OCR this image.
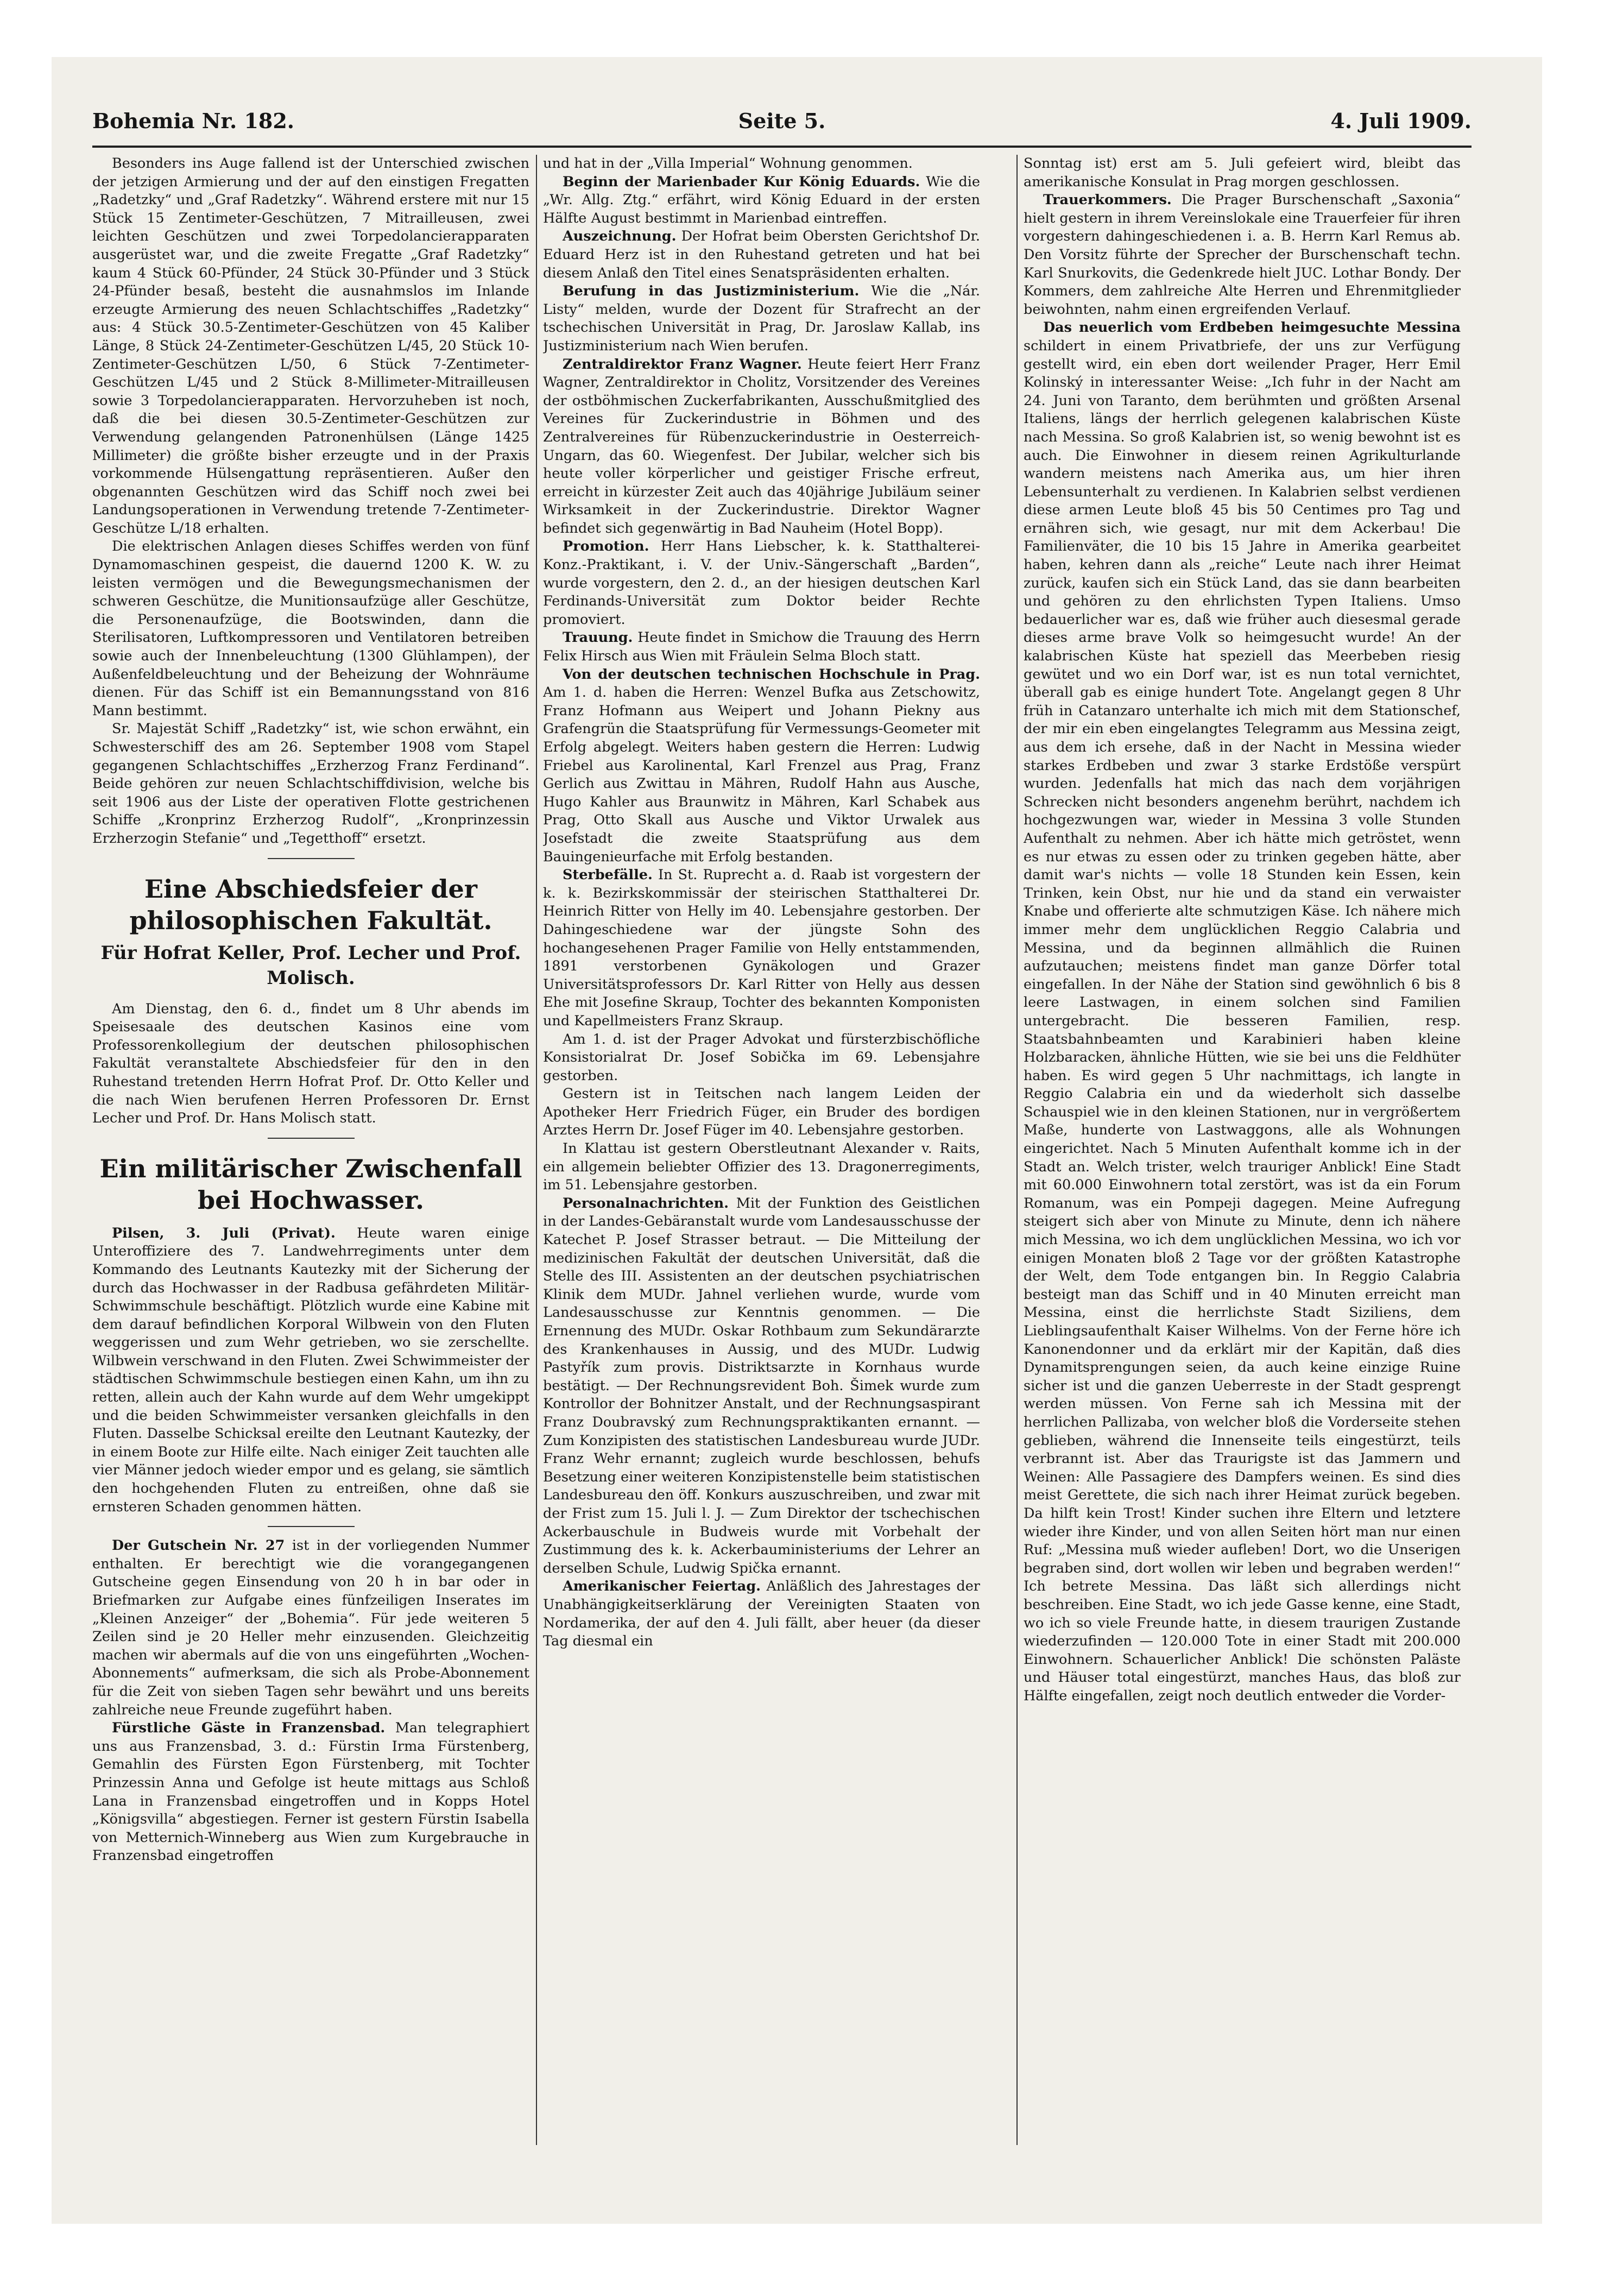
Bohemia Nr. 182.	Seite 5.	4. Juli 1909.

Besonders ins Auge fallend ist der Unterschied zwischen der jetzigen Armierung und der auf den einstigen Fregatten „Radetzky“ und „Graf Radetzky“. Während erstere mit nur 15 Stück 15 Zentimeter-Geschützen, 7 Mitrailleusen, zwei leichten Geschützen und zwei Torpedolancierapparaten ausgerüstet war, und die zweite Fregatte „Graf Radetzky“ kaum 4 Stück 60-Pfünder, 24 Stück 30-Pfünder und 3 Stück 24-Pfünder besaß, besteht die ausnahmslos im Inlande erzeugte Armierung des neuen Schlachtschiffes „Radetzky“ aus: 4 Stück 30.5-Zentimeter-Geschützen von 45 Kaliber Länge, 8 Stück 24-Zentimeter-Geschützen L/45, 20 Stück 10-Zentimeter-Geschützen L/50, 6 Stück 7-Zentimeter-Geschützen L/45 und 2 Stück 8-Millimeter-Mitrailleusen sowie 3 Torpedolancierapparaten. Hervorzuheben ist noch, daß die bei diesen 30.5-Zentimeter-Geschützen zur Verwendung gelangenden Patronenhülsen (Länge 1425 Millimeter) die größte bisher erzeugte und in der Praxis vorkommende Hülsengattung repräsentieren. Außer den obgenannten Geschützen wird das Schiff noch zwei bei Landungsoperationen in Verwendung tretende 7-Zentimeter-Geschütze L/18 erhalten.

Die elektrischen Anlagen dieses Schiffes werden von fünf Dynamomaschinen gespeist, die dauernd 1200 K. W. zu leisten vermögen und die Bewegungsmechanismen der schweren Geschütze, die Munitionsaufzüge aller Geschütze, die Personenaufzüge, die Bootswinden, dann die Sterilisatoren, Luftkompressoren und Ventilatoren betreiben sowie auch der Innenbeleuchtung (1300 Glühlampen), der Außenfeldbeleuchtung und der Beheizung der Wohnräume dienen. Für das Schiff ist ein Bemannungsstand von 816 Mann bestimmt.

Sr. Majestät Schiff „Radetzky“ ist, wie schon erwähnt, ein Schwesterschiff des am 26. September 1908 vom Stapel gegangenen Schlachtschiffes „Erzherzog Franz Ferdinand“. Beide gehören zur neuen Schlachtschiffdivision, welche bis seit 1906 aus der Liste der operativen Flotte gestrichenen Schiffe „Kronprinz Erzherzog Rudolf“, „Kronprinzessin Erzherzogin Stefanie“ und „Tegetthoff“ ersetzt.

Eine Abschiedsfeier der philosophischen Fakultät.
Für Hofrat Keller, Prof. Lecher und Prof. Molisch.

Am Dienstag, den 6. d., findet um 8 Uhr abends im Speisesaale des deutschen Kasinos eine vom Professorenkollegium der deutschen philosophischen Fakultät veranstaltete Abschiedsfeier für den in den Ruhestand tretenden Herrn Hofrat Prof. Dr. Otto Keller und die nach Wien berufenen Herren Professoren Dr. Ernst Lecher und Prof. Dr. Hans Molisch statt.

Ein militärischer Zwischenfall bei Hochwasser.

Pilsen, 3. Juli (Privat). Heute waren einige Unteroffiziere des 7. Landwehrregiments unter dem Kommando des Leutnants Kautezky mit der Sicherung der durch das Hochwasser in der Radbusa gefährdeten Militär-Schwimmschule beschäftigt. Plötzlich wurde eine Kabine mit dem darauf befindlichen Korporal Wilbwein von den Fluten weggerissen und zum Wehr getrieben, wo sie zerschellte. Wilbwein verschwand in den Fluten. Zwei Schwimmeister der städtischen Schwimmschule bestiegen einen Kahn, um ihn zu retten, allein auch der Kahn wurde auf dem Wehr umgekippt und die beiden Schwimmeister versanken gleichfalls in den Fluten. Dasselbe Schicksal ereilte den Leutnant Kautezky, der in einem Boote zur Hilfe eilte. Nach einiger Zeit tauchten alle vier Männer jedoch wieder empor und es gelang, sie sämtlich den hochgehenden Fluten zu entreißen, ohne daß sie ernsteren Schaden genommen hätten.

Der Gutschein Nr. 27 ist in der vorliegenden Nummer enthalten. Er berechtigt wie die vorangegangenen Gutscheine gegen Einsendung von 20 h in bar oder in Briefmarken zur Aufgabe eines fünfzeiligen Inserates im „Kleinen Anzeiger“ der „Bohemia“. Für jede weiteren 5 Zeilen sind je 20 Heller mehr einzusenden. Gleichzeitig machen wir abermals auf die von uns eingeführten „Wochen-Abonnements“ aufmerksam, die sich als Probe-Abonnement für die Zeit von sieben Tagen sehr bewährt und uns bereits zahlreiche neue Freunde zugeführt haben.

Fürstliche Gäste in Franzensbad. Man telegraphiert uns aus Franzensbad, 3. d.: Fürstin Irma Fürstenberg, Gemahlin des Fürsten Egon Fürstenberg, mit Tochter Prinzessin Anna und Gefolge ist heute mittags aus Schloß Lana in Franzensbad eingetroffen und in Kopps Hotel „Königsvilla“ abgestiegen. Ferner ist gestern Fürstin Isabella von Metternich-Winneberg aus Wien zum Kurgebrauche in Franzensbad eingetroffen

und hat in der „Villa Imperial“ Wohnung genommen.

Beginn der Marienbader Kur König Eduards. Wie die „Wr. Allg. Ztg.“ erfährt, wird König Eduard in der ersten Hälfte August bestimmt in Marienbad eintreffen.

Auszeichnung. Der Hofrat beim Obersten Gerichtshof Dr. Eduard Herz ist in den Ruhestand getreten und hat bei diesem Anlaß den Titel eines Senatspräsidenten erhalten.

Berufung in das Justizministerium. Wie die „Nár. Listy“ melden, wurde der Dozent für Strafrecht an der tschechischen Universität in Prag, Dr. Jaroslaw Kallab, ins Justizministerium nach Wien berufen.

Zentraldirektor Franz Wagner. Heute feiert Herr Franz Wagner, Zentraldirektor in Cholitz, Vorsitzender des Vereines der ostböhmischen Zuckerfabrikanten, Ausschußmitglied des Vereines für Zuckerindustrie in Böhmen und des Zentralvereines für Rübenzuckerindustrie in Oesterreich-Ungarn, das 60. Wiegenfest. Der Jubilar, welcher sich bis heute voller körperlicher und geistiger Frische erfreut, erreicht in kürzester Zeit auch das 40jährige Jubiläum seiner Wirksamkeit in der Zuckerindustrie. Direktor Wagner befindet sich gegenwärtig in Bad Nauheim (Hotel Bopp).

Promotion. Herr Hans Liebscher, k. k. Statthalterei-Konz.-Praktikant, i. V. der Univ.-Sängerschaft „Barden“, wurde vorgestern, den 2. d., an der hiesigen deutschen Karl Ferdinands-Universität zum Doktor beider Rechte promoviert.

Trauung. Heute findet in Smichow die Trauung des Herrn Felix Hirsch aus Wien mit Fräulein Selma Bloch statt.

Von der deutschen technischen Hochschule in Prag. Am 1. d. haben die Herren: Wenzel Bufka aus Zetschowitz, Franz Hofmann aus Weipert und Johann Piekny aus Grafengrün die Staatsprüfung für Vermessungs-Geometer mit Erfolg abgelegt. Weiters haben gestern die Herren: Ludwig Friebel aus Karolinental, Karl Frenzel aus Prag, Franz Gerlich aus Zwittau in Mähren, Rudolf Hahn aus Ausche, Hugo Kahler aus Braunwitz in Mähren, Karl Schabek aus Prag, Otto Skall aus Ausche und Viktor Urwalek aus Josefstadt die zweite Staatsprüfung aus dem Bauingenieurfache mit Erfolg bestanden.

Sterbefälle. In St. Ruprecht a. d. Raab ist vorgestern der k. k. Bezirkskommissär der steirischen Statthalterei Dr. Heinrich Ritter von Helly im 40. Lebensjahre gestorben. Der Dahingeschiedene war der jüngste Sohn des hochangesehenen Prager Familie von Helly entstammenden, 1891 verstorbenen Gynäkologen und Grazer Universitätsprofessors Dr. Karl Ritter von Helly aus dessen Ehe mit Josefine Skraup, Tochter des bekannten Komponisten und Kapellmeisters Franz Skraup.

Am 1. d. ist der Prager Advokat und fürsterzbischöfliche Konsistorialrat Dr. Josef Sobička im 69. Lebensjahre gestorben.

Gestern ist in Teitschen nach langem Leiden der Apotheker Herr Friedrich Füger, ein Bruder des bordigen Arztes Herrn Dr. Josef Füger im 40. Lebensjahre gestorben.

In Klattau ist gestern Oberstleutnant Alexander v. Raits, ein allgemein beliebter Offizier des 13. Dragonerregiments, im 51. Lebensjahre gestorben.

Personalnachrichten. Mit der Funktion des Geistlichen in der Landes-Gebäranstalt wurde vom Landesausschusse der Katechet P. Josef Strasser betraut. — Die Mitteilung der medizinischen Fakultät der deutschen Universität, daß die Stelle des III. Assistenten an der deutschen psychiatrischen Klinik dem MUDr. Jahnel verliehen wurde, wurde vom Landesausschusse zur Kenntnis genommen. — Die Ernennung des MUDr. Oskar Rothbaum zum Sekundärarzte des Krankenhauses in Aussig, und des MUDr. Ludwig Pastyřík zum provis. Distriktsarzte in Kornhaus wurde bestätigt. — Der Rechnungsrevident Boh. Šimek wurde zum Kontrollor der Bohnitzer Anstalt, und der Rechnungsaspirant Franz Doubravský zum Rechnungspraktikanten ernannt. — Zum Konzipisten des statistischen Landesbureau wurde JUDr. Franz Wehr ernannt; zugleich wurde beschlossen, behufs Besetzung einer weiteren Konzipistenstelle beim statistischen Landesbureau den öff. Konkurs auszuschreiben, und zwar mit der Frist zum 15. Juli l. J. — Zum Direktor der tschechischen Ackerbauschule in Budweis wurde mit Vorbehalt der Zustimmung des k. k. Ackerbauministeriums der Lehrer an derselben Schule, Ludwig Spička ernannt.

Amerikanischer Feiertag. Anläßlich des Jahrestages der Unabhängigkeitserklärung der Vereinigten Staaten von Nordamerika, der auf den 4. Juli fällt, aber heuer (da dieser Tag diesmal ein

Sonntag ist) erst am 5. Juli gefeiert wird, bleibt das amerikanische Konsulat in Prag morgen geschlossen.

Trauerkommers. Die Prager Burschenschaft „Saxonia“ hielt gestern in ihrem Vereinslokale eine Trauerfeier für ihren vorgestern dahingeschiedenen i. a. B. Herrn Karl Remus ab. Den Vorsitz führte der Sprecher der Burschenschaft techn. Karl Snurkovits, die Gedenkrede hielt JUC. Lothar Bondy. Der Kommers, dem zahlreiche Alte Herren und Ehrenmitglieder beiwohnten, nahm einen ergreifenden Verlauf.

Das neuerlich vom Erdbeben heimgesuchte Messina schildert in einem Privatbriefe, der uns zur Verfügung gestellt wird, ein eben dort weilender Prager, Herr Emil Kolinský in interessanter Weise: „Ich fuhr in der Nacht am 24. Juni von Taranto, dem berühmten und größten Arsenal Italiens, längs der herrlich gelegenen kalabrischen Küste nach Messina. So groß Kalabrien ist, so wenig bewohnt ist es auch. Die Einwohner in diesem reinen Agrikulturlande wandern meistens nach Amerika aus, um hier ihren Lebensunterhalt zu verdienen. In Kalabrien selbst verdienen diese armen Leute bloß 45 bis 50 Centimes pro Tag und ernähren sich, wie gesagt, nur mit dem Ackerbau! Die Familienväter, die 10 bis 15 Jahre in Amerika gearbeitet haben, kehren dann als „reiche“ Leute nach ihrer Heimat zurück, kaufen sich ein Stück Land, das sie dann bearbeiten und gehören zu den ehrlichsten Typen Italiens. Umso bedauerlicher war es, daß wie früher auch diesesmal gerade dieses arme brave Volk so heimgesucht wurde! An der kalabrischen Küste hat speziell das Meerbeben riesig gewütet und wo ein Dorf war, ist es nun total vernichtet, überall gab es einige hundert Tote. Angelangt gegen 8 Uhr früh in Catanzaro unterhalte ich mich mit dem Stationschef, der mir ein eben eingelangtes Telegramm aus Messina zeigt, aus dem ich ersehe, daß in der Nacht in Messina wieder starkes Erdbeben und zwar 3 starke Erdstöße verspürt wurden. Jedenfalls hat mich das nach dem vorjährigen Schrecken nicht besonders angenehm berührt, nachdem ich hochgezwungen war, wieder in Messina 3 volle Stunden Aufenthalt zu nehmen. Aber ich hätte mich getröstet, wenn es nur etwas zu essen oder zu trinken gegeben hätte, aber damit war's nichts — volle 18 Stunden kein Essen, kein Trinken, kein Obst, nur hie und da stand ein verwaister Knabe und offerierte alte schmutzigen Käse. Ich nähere mich immer mehr dem unglücklichen Reggio Calabria und Messina, und da beginnen allmählich die Ruinen aufzutauchen; meistens findet man ganze Dörfer total eingefallen. In der Nähe der Station sind gewöhnlich 6 bis 8 leere Lastwagen, in einem solchen sind Familien untergebracht. Die besseren Familien, resp. Staatsbahnbeamten und Karabinieri haben kleine Holzbaracken, ähnliche Hütten, wie sie bei uns die Feldhüter haben. Es wird gegen 5 Uhr nachmittags, ich langte in Reggio Calabria ein und da wiederholt sich dasselbe Schauspiel wie in den kleinen Stationen, nur in vergrößertem Maße, hunderte von Lastwaggons, alle als Wohnungen eingerichtet. Nach 5 Minuten Aufenthalt komme ich in der Stadt an. Welch trister, welch trauriger Anblick! Eine Stadt mit 60.000 Einwohnern total zerstört, was ist da ein Forum Romanum, was ein Pompeji dagegen. Meine Aufregung steigert sich aber von Minute zu Minute, denn ich nähere mich Messina, wo ich dem unglücklichen Messina, wo ich vor einigen Monaten bloß 2 Tage vor der größten Katastrophe der Welt, dem Tode entgangen bin. In Reggio Calabria besteigt man das Schiff und in 40 Minuten erreicht man Messina, einst die herrlichste Stadt Siziliens, dem Lieblingsaufenthalt Kaiser Wilhelms. Von der Ferne höre ich Kanonendonner und da erklärt mir der Kapitän, daß dies Dynamitsprengungen seien, da auch keine einzige Ruine sicher ist und die ganzen Ueberreste in der Stadt gesprengt werden müssen. Von Ferne sah ich Messina mit der herrlichen Pallizaba, von welcher bloß die Vorderseite stehen geblieben, während die Innenseite teils eingestürzt, teils verbrannt ist. Aber das Traurigste ist das Jammern und Weinen: Alle Passagiere des Dampfers weinen. Es sind dies meist Gerettete, die sich nach ihrer Heimat zurück begeben. Da hilft kein Trost! Kinder suchen ihre Eltern und letztere wieder ihre Kinder, und von allen Seiten hört man nur einen Ruf: „Messina muß wieder aufleben! Dort, wo die Unserigen begraben sind, dort wollen wir leben und begraben werden!“ Ich betrete Messina. Das läßt sich allerdings nicht beschreiben. Eine Stadt, wo ich jede Gasse kenne, eine Stadt, wo ich so viele Freunde hatte, in diesem traurigen Zustande wiederzufinden — 120.000 Tote in einer Stadt mit 200.000 Einwohnern. Schauerlicher Anblick! Die schönsten Paläste und Häuser total eingestürzt, manches Haus, das bloß zur Hälfte eingefallen, zeigt noch deutlich entweder die Vorder-
